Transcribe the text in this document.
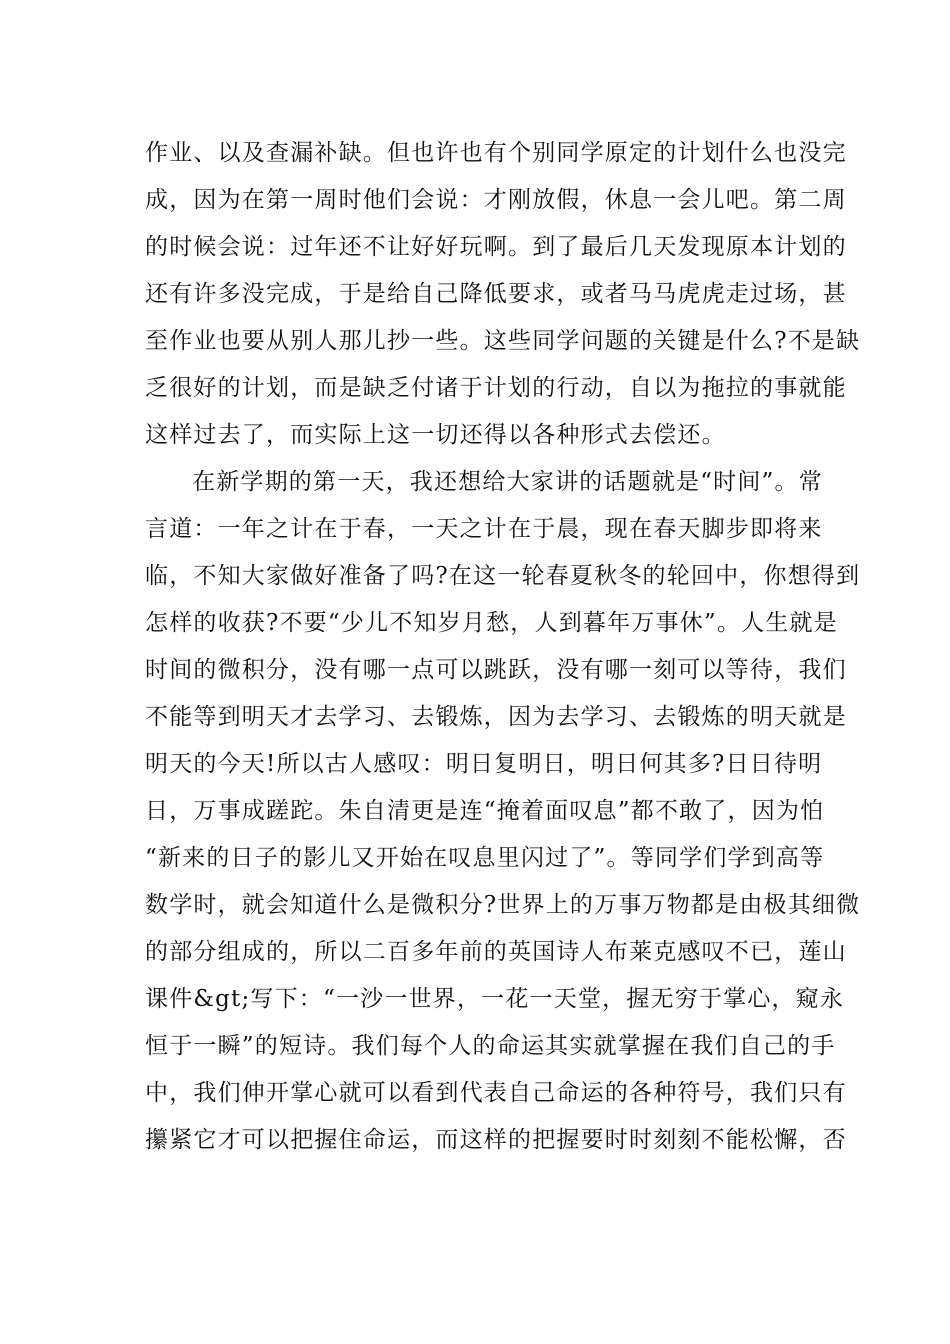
作业、以及查漏补缺。但也许也有个别同学原定的计划什么也没完
成，因为在第一周时他们会说：才刚放假，休息一会儿吧。第二周
的时候会说：过年还不让好好玩啊。到了最后几天发现原本计划的
还有许多没完成，于是给自己降低要求，或者马马虎虎走过场，甚
至作业也要从别人那儿抄一些。这些同学问题的关键是什么?不是缺
乏很好的计划，而是缺乏付诸于计划的行动，自以为拖拉的事就能
这样过去了，而实际上这一切还得以各种形式去偿还。
在新学期的第一天，我还想给大家讲的话题就是“时间”。常
言道：一年之计在于春，一天之计在于晨，现在春天脚步即将来
临，不知大家做好准备了吗?在这一轮春夏秋冬的轮回中，你想得到
怎样的收获?不要“少儿不知岁月愁，人到暮年万事休”。人生就是
时间的微积分，没有哪一点可以跳跃，没有哪一刻可以等待，我们
不能等到明天才去学习、去锻炼，因为去学习、去锻炼的明天就是
明天的今天!所以古人感叹：明日复明日，明日何其多?日日待明
日，万事成蹉跎。朱自清更是连“掩着面叹息”都不敢了，因为怕
“新来的日子的影儿又开始在叹息里闪过了”。等同学们学到高等
数学时，就会知道什么是微积分?世界上的万事万物都是由极其细微
的部分组成的，所以二百多年前的英国诗人布莱克感叹不已，莲山
课件&gt;写下：“一沙一世界，一花一天堂，握无穷于掌心，窥永
恒于一瞬”的短诗。我们每个人的命运其实就掌握在我们自己的手
中，我们伸开掌心就可以看到代表自己命运的各种符号，我们只有
攥紧它才可以把握住命运，而这样的把握要时时刻刻不能松懈，否
